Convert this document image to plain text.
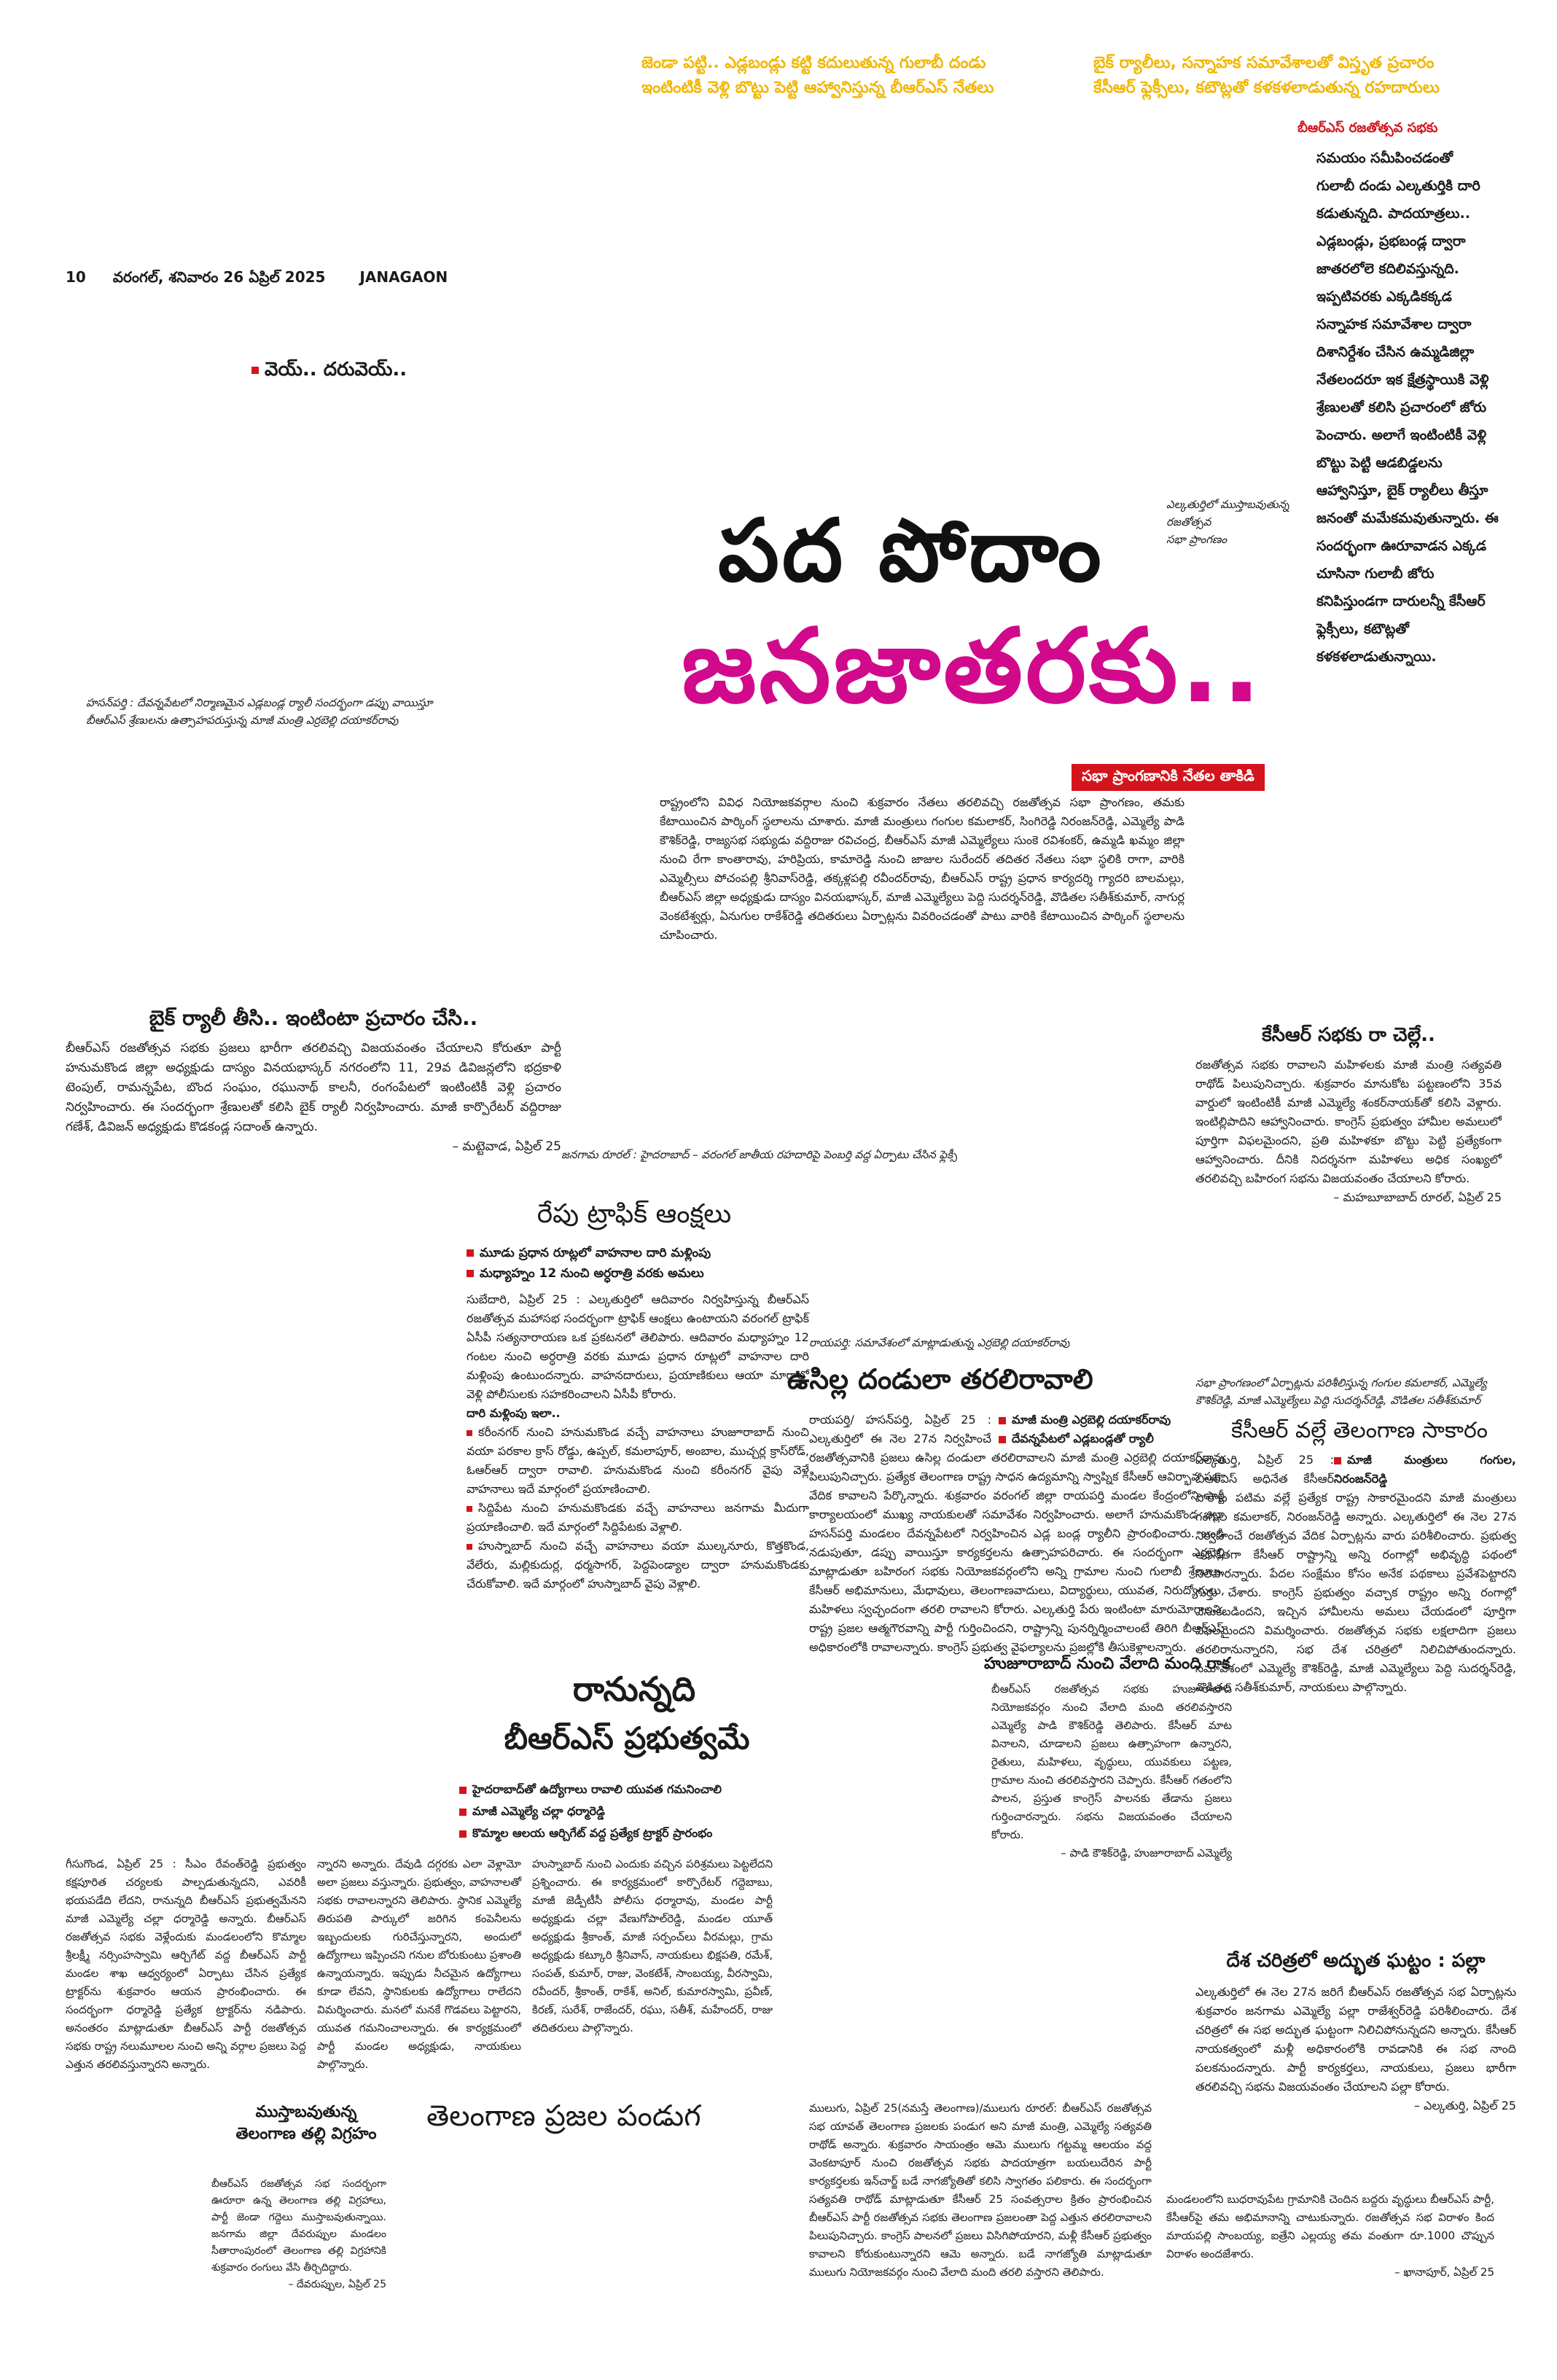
జెండా పట్టి.. ఎడ్లబండ్లు కట్టి కదులుతున్న గులాబీ దండు
ఇంటింటికీ వెళ్లి బొట్టు పెట్టి ఆహ్వానిస్తున్న బీఆర్ఎస్ నేతలు
బైక్ ర్యాలీలు, సన్నాహక సమావేశాలతో విస్తృత ప్రచారం
కేసీఆర్ ఫ్లెక్సీలు, కటౌట్లతో కళకళలాడుతున్న రహదారులు
బీఆర్ఎస్ రజతోత్సవ సభకు
సమయం సమీపించడంతో
గులాబీ దండు ఎల్కతుర్తికి దారి
కడుతున్నది. పాదయాత్రలు..
ఎడ్లబండ్లు, ప్రభబండ్ల ద్వారా
జాతరలోలె కదిలివస్తున్నది.
ఇప్పటివరకు ఎక్కడికక్కడ
సన్నాహక సమావేశాల ద్వారా
దిశానిర్దేశం చేసిన ఉమ్మడిజిల్లా
నేతలందరూ ఇక క్షేత్రస్థాయికి వెళ్లి
శ్రేణులతో కలిసి ప్రచారంలో జోరు
పెంచారు. అలాగే ఇంటింటికీ వెళ్లి
బొట్టు పెట్టి ఆడబిడ్డలను
ఆహ్వానిస్తూ, బైక్ ర్యాలీలు తీస్తూ
జనంతో మమేకమవుతున్నారు. ఈ
సందర్భంగా ఊరూవాడన ఎక్కడ
చూసినా గులాబీ జోరు
కనిపిస్తుండగా దారులన్నీ కేసీఆర్
ఫ్లెక్సీలు, కటౌట్లతో
కళకళలాడుతున్నాయి.
10 వరంగల్, శనివారం 26 ఏప్రిల్ 2025 JANAGAON
వెయ్.. దరువెయ్..
ఎల్కతుర్తిలో ముస్తాబవుతున్న
రజతోత్సవ
సభా ప్రాంగణం
పద పోదాం
జనజాతరకు..
హసన్‌పర్తి : దేవన్నపేటలో నిర్మాణమైన ఎడ్లబండ్ల ర్యాలీ సందర్భంగా డప్పు వాయిస్తూ
బీఆర్ఎస్ శ్రేణులను ఉత్సాహపరుస్తున్న మాజీ మంత్రి ఎర్రబెల్లి దయాకర్‌రావు
సభా ప్రాంగణానికి నేతల తాకిడి

రాష్ట్రంలోని వివిధ నియోజకవర్గాల నుంచి శుక్రవారం నేతలు తరలివచ్చి రజతోత్సవ సభా ప్రాంగణం, తమకు కేటాయించిన పార్కింగ్ స్థలాలను చూశారు. మాజీ మంత్రులు గంగుల కమలాకర్, సింగిరెడ్డి నిరంజన్‌రెడ్డి, ఎమ్మెల్యే పాడి కౌశిక్‌రెడ్డి, రాజ్యసభ సభ్యుడు వద్దిరాజు రవిచంద్ర, బీఆర్ఎస్ మాజీ ఎమ్మెల్యేలు సుంకె రవిశంకర్, ఉమ్మడి ఖమ్మం జిల్లా నుంచి రేగా కాంతారావు, హరిప్రియ, కామారెడ్డి నుంచి జాజుల సురేందర్ తదితర నేతలు సభా స్థలికి రాగా, వారికి ఎమ్మెల్సీలు పోచంపల్లి శ్రీనివాస్‌రెడ్డి, తక్కళ్లపల్లి రవీందర్‌రావు, బీఆర్ఎస్ రాష్ట్ర ప్రధాన కార్యదర్శి గ్యాదరి బాలమల్లు, బీఆర్ఎస్ జిల్లా అధ్యక్షుడు దాస్యం వినయభాస్కర్, మాజీ ఎమ్మెల్యేలు పెద్ది సుదర్శన్‌రెడ్డి, వొడితల సతీశ్‌కుమార్, నాగుర్ల వెంకటేశ్వర్లు, ఏనుగుల రాకేశ్‌రెడ్డి తదితరులు ఏర్పాట్లను వివరించడంతో పాటు వారికి కేటాయించిన పార్కింగ్ స్థలాలను చూపించారు.

బైక్ ర్యాలీ తీసి.. ఇంటింటా ప్రచారం చేసి..

బీఆర్ఎస్ రజతోత్సవ సభకు ప్రజలు భారీగా తరలివచ్చి విజయవంతం చేయాలని కోరుతూ పార్టీ హనుమకొండ జిల్లా అధ్యక్షుడు దాస్యం వినయభాస్కర్ నగరంలోని 11, 29వ డివిజన్లలోని భద్రకాళి టెంపుల్, రామన్నపేట, బొంద సంఘం, రఘునాథ్ కాలనీ, రంగంపేటలో ఇంటింటికీ వెళ్లి ప్రచారం నిర్వహించారు. ఈ సందర్భంగా శ్రేణులతో కలిసి బైక్ ర్యాలీ నిర్వహించారు. మాజీ కార్పొరేటర్ వద్దిరాజు గణేశ్, డివిజన్ అధ్యక్షుడు కొడకండ్ల సదాంత్ ఉన్నారు.

– మట్టెవాడ, ఏప్రిల్ 25

కేసీఆర్ సభకు రా చెల్లే..

రజతోత్సవ సభకు రావాలని మహిళలకు మాజీ మంత్రి సత్యవతి రాథోడ్ పిలుపునిచ్చారు. శుక్రవారం మానుకోట పట్టణంలోని 35వ వార్డులో ఇంటింటికీ మాజీ ఎమ్మెల్యే శంకర్‌నాయక్‌తో కలిసి వెళ్లారు. ఇంటిల్లిపాదిని ఆహ్వానించారు. కాంగ్రెస్ ప్రభుత్వం హామీల అమలులో పూర్తిగా విఫలమైందని, ప్రతి మహిళకూ బొట్టు పెట్టి ప్రత్యేకంగా ఆహ్వానించారు. దీనికి నిదర్శనగా మహిళలు అధిక సంఖ్యలో తరలివచ్చి బహిరంగ సభను విజయవంతం చేయాలని కోరారు.

– మహబూబాబాద్ రూరల్, ఏప్రిల్ 25

జనగామ రూరల్ : హైదరాబాద్ – వరంగల్ జాతీయ రహదారిపై పెంబర్తి వద్ద ఏర్పాటు చేసిన ఫ్లెక్సీ
రేపు ట్రాఫిక్ ఆంక్షలు
మూడు ప్రధాన రూట్లలో వాహనాల దారి మళ్లింపు
మధ్యాహ్నం 12 నుంచి అర్ధరాత్రి వరకు అమలు

సుబేదారి, ఏప్రిల్ 25 : ఎల్కతుర్తిలో ఆదివారం నిర్వహిస్తున్న బీఆర్ఎస్ రజతోత్సవ మహాసభ సందర్భంగా ట్రాఫిక్ ఆంక్షలు ఉంటాయని వరంగల్ ట్రాఫిక్ ఏసీపీ సత్యనారాయణ ఒక ప్రకటనలో తెలిపారు. ఆదివారం మధ్యాహ్నం 12 గంటల నుంచి అర్ధరాత్రి వరకు మూడు ప్రధాన రూట్లలో వాహనాల దారి మళ్లింపు ఉంటుందన్నారు. వాహనదారులు, ప్రయాణికులు ఆయా మార్గాల్లో వెళ్లి పోలీసులకు సహకరించాలని ఏసీపీ కోరారు.

దారి మళ్లింపు ఇలా..

కరీంనగర్ నుంచి హనుమకొండ వచ్చే వాహనాలు హుజూరాబాద్ నుంచి వయా పరకాల క్రాస్ రోడ్డు, ఉప్పల్, కమలాపూర్, అంబాల, ముచ్చర్ల క్రాస్‌రోడ్, ఓఆర్‌ఆర్ ద్వారా రావాలి. హనుమకొండ నుంచి కరీంనగర్ వైపు వెళ్లే వాహనాలు ఇదే మార్గంలో ప్రయాణించాలి.

సిద్దిపేట నుంచి హనుమకొండకు వచ్చే వాహనాలు జనగామ మీదుగా ప్రయాణించాలి. ఇదే మార్గంలో సిద్దిపేటకు వెళ్లాలి.

హుస్నాబాద్ నుంచి వచ్చే వాహనాలు వయా ముల్కనూరు, కొత్తకొండ, వేలేరు, మల్లికుదుర్ల, ధర్మసాగర్, పెద్దపెండ్యాల ద్వారా హనుమకొండకు చేరుకోవాలి. ఇదే మార్గంలో హుస్నాబాద్ వైపు వెళ్లాలి.

రాయపర్తి: సమావేశంలో మాట్లాడుతున్న ఎర్రబెల్లి దయాకర్‌రావు
ఉసిల్ల దండులా తరలిరావాలి
మాజీ మంత్రి ఎర్రబెల్లి దయాకర్‌రావు
దేవన్నపేటలో ఎడ్లబండ్లతో ర్యాలీ

రాయపర్తి/ హసన్‌పర్తి, ఏప్రిల్ 25 : ఎల్కతుర్తిలో ఈ నెల 27న నిర్వహించే రజతోత్సవానికి ప్రజలు ఉసిల్ల దండులా తరలిరావాలని మాజీ మంత్రి ఎర్రబెల్లి దయాకర్‌రావు పిలుపునిచ్చారు. ప్రత్యేక తెలంగాణ రాష్ట్ర సాధన ఉద్యమాన్ని స్వాప్నిక కేసీఆర్ ఆవిర్భావ సభా వేదిక కావాలని పేర్కొన్నారు. శుక్రవారం వరంగల్ జిల్లా రాయపర్తి మండల కేంద్రంలోని పార్టీ కార్యాలయంలో ముఖ్య నాయకులతో సమావేశం నిర్వహించారు. అలాగే హనుమకొండ జిల్లా హసన్‌పర్తి మండలం దేవన్నపేటలో నిర్వహించిన ఎడ్ల బండ్ల ర్యాలీని ప్రారంభించారు. బండి నడుపుతూ, డప్పు వాయిస్తూ కార్యకర్తలను ఉత్సాహపరిచారు. ఈ సందర్భంగా ఎర్రబెల్లి మాట్లాడుతూ బహిరంగ సభకు నియోజకవర్గంలోని అన్ని గ్రామాల నుంచి గులాబీ శ్రేణులు, కేసీఆర్ అభిమానులు, మేధావులు, తెలంగాణవాదులు, విద్యార్థులు, యువత, నిరుద్యోగులు, మహిళలు స్వచ్ఛందంగా తరలి రావాలని కోరారు. ఎల్కతుర్తి పేరు ఇంటింటా మారుమోగాలని, రాష్ట్ర ప్రజల ఆత్మగౌరవాన్ని పార్టీ గుర్తించిందని, రాష్ట్రాన్ని పునర్నిర్మించాలంటే తిరిగి బీఆర్ఎస్ అధికారంలోకి రావాలన్నారు. కాంగ్రెస్ ప్రభుత్వ వైఫల్యాలను ప్రజల్లోకి తీసుకెళ్లాలన్నారు.

హుజూరాబాద్ నుంచి వేలాది మంది రాక

బీఆర్ఎస్ రజతోత్సవ సభకు హుజూరాబాద్ నియోజకవర్గం నుంచి వేలాది మంది తరలివస్తారని ఎమ్మెల్యే పాడి కౌశిక్‌రెడ్డి తెలిపారు. కేసీఆర్ మాట వినాలని, చూడాలని ప్రజలు ఉత్సాహంగా ఉన్నారని, రైతులు, మహిళలు, వృద్ధులు, యువకులు పట్టణ, గ్రామాల నుంచి తరలివస్తారని చెప్పారు. కేసీఆర్ గతంలోని పాలన, ప్రస్తుత కాంగ్రెస్ పాలనకు తేడాను ప్రజలు గుర్తించారన్నారు. సభను విజయవంతం చేయాలని కోరారు.

– పాడి కౌశిక్‌రెడ్డి, హుజూరాబాద్ ఎమ్మెల్యే

సభా ప్రాంగణంలో ఏర్పాట్లను పరిశీలిస్తున్న గంగుల కమలాకర్, ఎమ్మెల్యే కౌశిక్‌రెడ్డి, మాజీ ఎమ్మెల్యేలు పెద్ది సుదర్శన్‌రెడ్డి, వొడితల సతీశ్‌కుమార్
కేసీఆర్ వల్లే తెలంగాణ సాకారం
మాజీ మంత్రులు గంగుల, నిరంజన్‌రెడ్డి

ఎల్కతుర్తి, ఏప్రిల్ 25 : బీఆర్ఎస్ అధినేత కేసీఆర్ పోరాట పటిమ వల్లే ప్రత్యేక రాష్ట్ర సాకారమైందని మాజీ మంత్రులు గంగుల కమలాకర్, నిరంజన్‌రెడ్డి అన్నారు. ఎల్కతుర్తిలో ఈ నెల 27న నిర్వహించే రజతోత్సవ వేదిక ఏర్పాట్లను వారు పరిశీలించారు. ప్రభుత్వ అధినేతగా కేసీఆర్ రాష్ట్రాన్ని అన్ని రంగాల్లో అభివృద్ధి పథంలో నిలిపారన్నారు. పేదల సంక్షేమం కోసం అనేక పథకాలు ప్రవేశపెట్టారని గుర్తు చేశారు. కాంగ్రెస్ ప్రభుత్వం వచ్చాక రాష్ట్రం అన్ని రంగాల్లో వెనుకబడిందని, ఇచ్చిన హామీలను అమలు చేయడంలో పూర్తిగా విఫలమైందని విమర్శించారు. రజతోత్సవ సభకు లక్షలాదిగా ప్రజలు తరలిరానున్నారని, సభ దేశ చరిత్రలో నిలిచిపోతుందన్నారు. సమావేశంలో ఎమ్మెల్యే కౌశిక్‌రెడ్డి, మాజీ ఎమ్మెల్యేలు పెద్ది సుదర్శన్‌రెడ్డి, వొడితల సతీశ్‌కుమార్, నాయకులు పాల్గొన్నారు.

దేశ చరిత్రలో అద్భుత ఘట్టం : పల్లా

ఎల్కతుర్తిలో ఈ నెల 27న జరిగే బీఆర్ఎస్ రజతోత్సవ సభ ఏర్పాట్లను శుక్రవారం జనగామ ఎమ్మెల్యే పల్లా రాజేశ్వర్‌రెడ్డి పరిశీలించారు. దేశ చరిత్రలో ఈ సభ అద్భుత ఘట్టంగా నిలిచిపోనున్నదని అన్నారు. కేసీఆర్ నాయకత్వంలో మళ్లీ అధికారంలోకి రావడానికి ఈ సభ నాంది పలకనుందన్నారు. పార్టీ కార్యకర్తలు, నాయకులు, ప్రజలు భారీగా తరలివచ్చి సభను విజయవంతం చేయాలని పల్లా కోరారు.

– ఎల్కతుర్తి, ఏప్రిల్ 25

రానున్నది
బీఆర్ఎస్ ప్రభుత్వమే
హైదరాబాద్‌తో ఉద్యోగాలు రావాలి యువత గమనించాలి
మాజీ ఎమ్మెల్యే చల్లా ధర్మారెడ్డి
కొమ్మాల ఆలయ ఆర్చిగేట్ వద్ద ప్రత్యేక ట్రాక్టర్ ప్రారంభం

గీసుగొండ, ఏప్రిల్ 25 : సీఎం రేవంత్‌రెడ్డి ప్రభుత్వం కక్షపూరిత చర్యలకు పాల్పడుతున్నదని, ఎవరికీ భయపడేది లేదని, రానున్నది బీఆర్ఎస్ ప్రభుత్వమేనని మాజీ ఎమ్మెల్యే చల్లా ధర్మారెడ్డి అన్నారు. బీఆర్ఎస్ రజతోత్సవ సభకు వెళ్లేందుకు మండలంలోని కొమ్మాల శ్రీలక్ష్మీ నర్సింహస్వామి ఆర్చిగేట్ వద్ద బీఆర్ఎస్ పార్టీ మండల శాఖ ఆధ్వర్యంలో ఏర్పాటు చేసిన ప్రత్యేక ట్రాక్టర్‌ను శుక్రవారం ఆయన ప్రారంభించారు. ఈ సందర్భంగా ధర్మారెడ్డి ప్రత్యేక ట్రాక్టర్‌ను నడిపారు. అనంతరం మాట్లాడుతూ బీఆర్ఎస్ పార్టీ రజతోత్సవ సభకు రాష్ట్ర నలుమూలల నుంచి అన్ని వర్గాల ప్రజలు పెద్ద ఎత్తున తరలివస్తున్నారని అన్నారు.

న్నారని అన్నారు. దేవుడి దగ్గరకు ఎలా వెళ్లామో అలా ప్రజలు వస్తున్నారు. ప్రభుత్వం, వాహనాలతో సభకు రావాలన్నారని తెలిపారు. స్థానిక ఎమ్మెల్యే తిరుపతి పార్కులో జరిగిన కంపెనీలను ఇబ్బందులకు గురిచేస్తున్నారని, అందులో ఉద్యోగాలు ఇప్పించని గనుల బోరుకుంటు ప్రశాంతి ఉన్నాయన్నారు. ఇప్పుడు నీచమైన ఉద్యోగాలు కూడా లేవని, స్థానికులకు ఉద్యోగాలు రాలేదని విమర్శించారు. మనలో మనకే గొడవలు పెట్టారని, యువత గమనించాలన్నారు. ఈ కార్యక్రమంలో పార్టీ మండల అధ్యక్షుడు, నాయకులు పాల్గొన్నారు.

హుస్నాబాద్ నుంచి ఎందుకు వచ్చిన పరిశ్రమలు పెట్టలేదని ప్రశ్నించారు. ఈ కార్యక్రమంలో కార్పొరేటర్ గద్దెబాబు, మాజీ జెడ్పీటీసీ పోలీసు ధర్మారావు, మండల పార్టీ అధ్యక్షుడు చల్లా వేణుగోపాల్‌రెడ్డి, మండల యూత్ అధ్యక్షుడు శ్రీకాంత్, మాజీ సర్పంచ్‌లు వీరమల్లు, గ్రామ అధ్యక్షుడు కట్కూరి శ్రీనివాస్, నాయకులు భిక్షపతి, రమేశ్, సంపత్, కుమార్, రాజు, వెంకటేశ్, సాంబయ్య, వీరస్వామి, రవీందర్, శ్రీకాంత్, రాకేశ్, అనిల్, కుమారస్వామి, ప్రవీణ్, కిరణ్, సురేశ్, రాజేందర్, రఘు, సతీశ్, మహేందర్, రాజు తదితరులు పాల్గొన్నారు.

ముస్తాబవుతున్న
తెలంగాణ తల్లి విగ్రహం

బీఆర్ఎస్ రజతోత్సవ సభ సందర్భంగా ఊరూరా ఉన్న తెలంగాణ తల్లి విగ్రహాలు, పార్టీ జెండా గద్దెలు ముస్తాబవుతున్నాయి. జనగామ జిల్లా దేవరుప్పుల మండలం సీతారాంపురంలో తెలంగాణ తల్లి విగ్రహానికి శుక్రవారం రంగులు వేసి తీర్చిదిద్దారు.

– దేవరుప్పుల, ఏప్రిల్ 25

తెలంగాణ ప్రజల పండుగ	ములుగు, ఏప్రిల్ 25(నమస్తే తెలంగాణ)/ములుగు రూరల్: బీఆర్ఎస్ రజతోత్సవ సభ యావత్ తెలంగాణ ప్రజలకు పండుగ అని మాజీ మంత్రి, ఎమ్మెల్యే సత్యవతి రాథోడ్ అన్నారు. శుక్రవారం సాయంత్రం ఆమె ములుగు గట్టమ్మ ఆలయం వద్ద వెంకటాపూర్ నుంచి రజతోత్సవ సభకు పాదయాత్రగా బయలుదేరిన పార్టీ కార్యకర్తలకు ఇన్‌చార్జ్ బడే నాగజ్యోతితో కలిసి స్వాగతం పలికారు. ఈ సందర్భంగా సత్యవతి రాథోడ్ మాట్లాడుతూ కేసీఆర్ 25 సంవత్సరాల క్రితం ప్రారంభించిన బీఆర్ఎస్ పార్టీ రజతోత్సవ సభకు తెలంగాణ ప్రజలంతా పెద్ద ఎత్తున తరలిరావాలని పిలుపునిచ్చారు. కాంగ్రెస్ పాలనలో ప్రజలు విసిగిపోయారని, మళ్లీ కేసీఆర్ ప్రభుత్వం కావాలని కోరుకుంటున్నారని ఆమె అన్నారు. బడే నాగజ్యోతి మాట్లాడుతూ ములుగు నియోజకవర్గం నుంచి వేలాది మంది తరలి వస్తారని తెలిపారు.

మండలంలోని బుధరావుపేట గ్రామానికి చెందిన బద్దరు వృద్ధులు బీఆర్ఎస్ పార్టీ, కేసీఆర్‌పై తమ అభిమానాన్ని చాటుకున్నారు. రజతోత్సవ సభ విరాళం కింద మాయపల్లి సాంబయ్య, ఐత్రేని ఎల్లయ్య తమ వంతుగా రూ.1000 చొప్పున విరాళం అందజేశారు.

– ఖానాపూర్, ఏప్రిల్ 25
